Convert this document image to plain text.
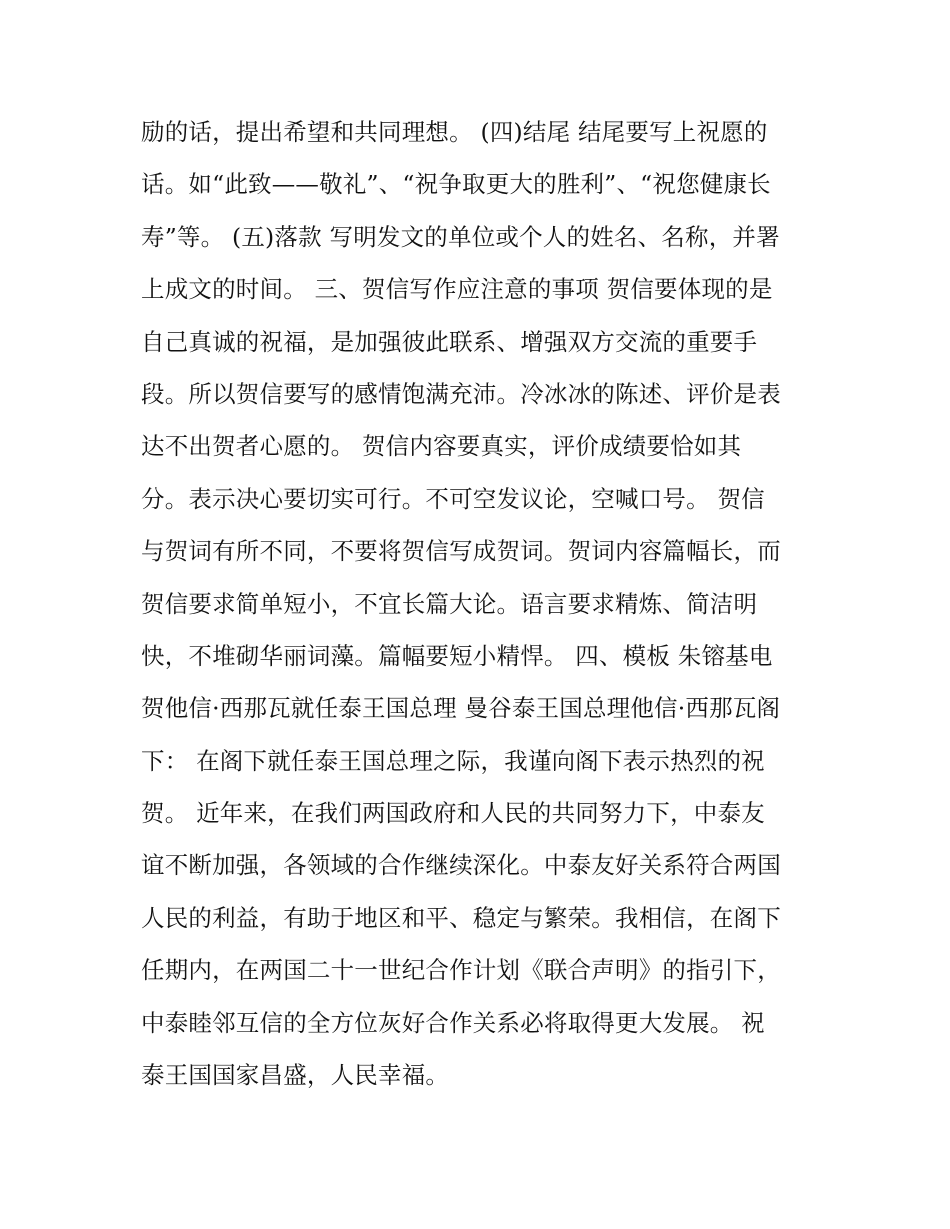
励的话，提出希望和共同理想。 (四)结尾 结尾要写上祝愿的
话。如“此致——敬礼”、“祝争取更大的胜利”、“祝您健康长
寿”等。 (五)落款 写明发文的单位或个人的姓名、名称，并署
上成文的时间。 三、贺信写作应注意的事项 贺信要体现的是
自己真诚的祝福，是加强彼此联系、增强双方交流的重要手
段。所以贺信要写的感情饱满充沛。冷冰冰的陈述、评价是表
达不出贺者心愿的。 贺信内容要真实，评价成绩要恰如其
分。表示决心要切实可行。不可空发议论，空喊口号。 贺信
与贺词有所不同，不要将贺信写成贺词。贺词内容篇幅长，而
贺信要求简单短小，不宜长篇大论。语言要求精炼、简洁明
快，不堆砌华丽词藻。篇幅要短小精悍。 四、模板 朱镕基电
贺他信·西那瓦就任泰王国总理 曼谷泰王国总理他信·西那瓦阁
下： 在阁下就任泰王国总理之际，我谨向阁下表示热烈的祝
贺。 近年来，在我们两国政府和人民的共同努力下，中泰友
谊不断加强，各领域的合作继续深化。中泰友好关系符合两国
人民的利益，有助于地区和平、稳定与繁荣。我相信，在阁下
任期内，在两国二十一世纪合作计划《联合声明》的指引下，
中泰睦邻互信的全方位灰好合作关系必将取得更大发展。 祝
泰王国国家昌盛，人民幸福。
